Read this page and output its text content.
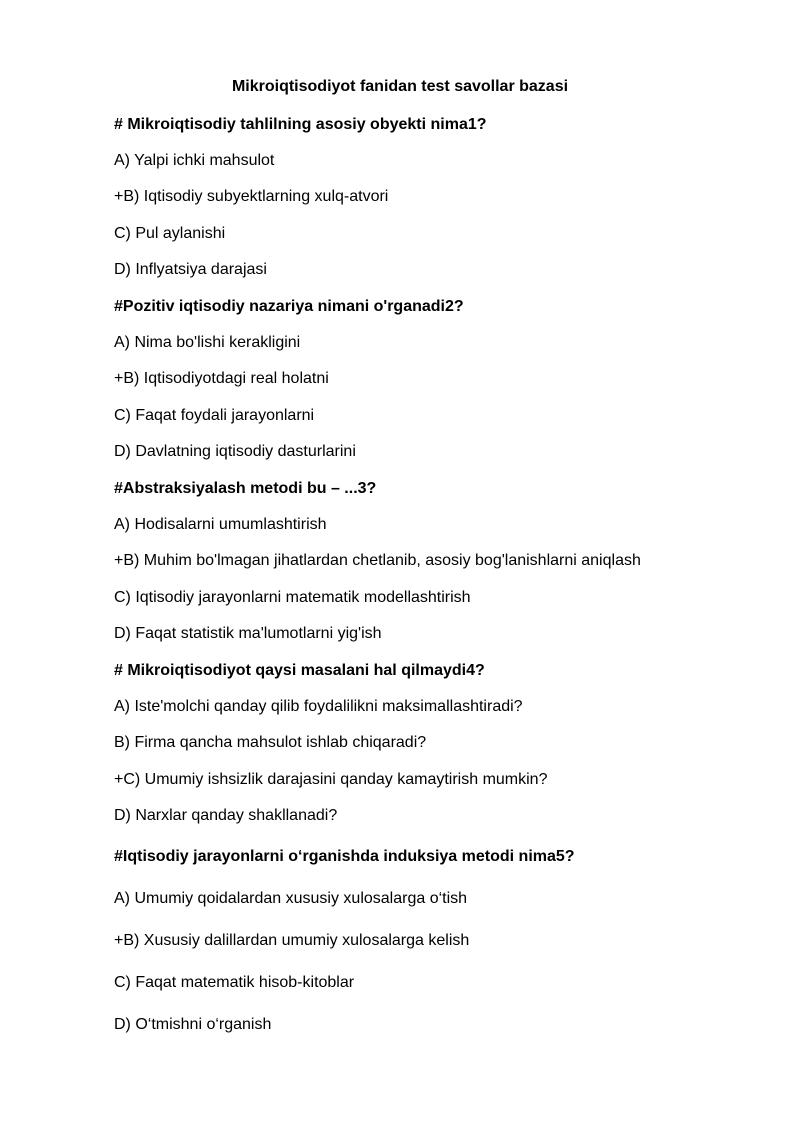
Mikroiqtisodiyot fanidan test savollar bazasi
# Mikroiqtisodiy tahlilning asosiy obyekti nima1?
A) Yalpi ichki mahsulot
+B) Iqtisodiy subyektlarning xulq-atvori
C) Pul aylanishi
D) Inflyatsiya darajasi
#Pozitiv iqtisodiy nazariya nimani o'rganadi2?
A) Nima bo'lishi kerakligini
+B) Iqtisodiyotdagi real holatni
C) Faqat foydali jarayonlarni
D) Davlatning iqtisodiy dasturlarini
#Abstraksiyalash metodi bu – ...3?
A) Hodisalarni umumlashtirish
+B) Muhim bo'lmagan jihatlardan chetlanib, asosiy bog'lanishlarni aniqlash
C) Iqtisodiy jarayonlarni matematik modellashtirish
D) Faqat statistik ma'lumotlarni yig'ish
# Mikroiqtisodiyot qaysi masalani hal qilmaydi4?
A) Iste'molchi qanday qilib foydalilikni maksimallashtiradi?
B) Firma qancha mahsulot ishlab chiqaradi?
+C) Umumiy ishsizlik darajasini qanday kamaytirish mumkin?
D) Narxlar qanday shakllanadi?
#Iqtisodiy jarayonlarni o‘rganishda induksiya metodi nima5?
A) Umumiy qoidalardan xususiy xulosalarga o‘tish
+B) Xususiy dalillardan umumiy xulosalarga kelish
C) Faqat matematik hisob-kitoblar
D) O‘tmishni o‘rganish
